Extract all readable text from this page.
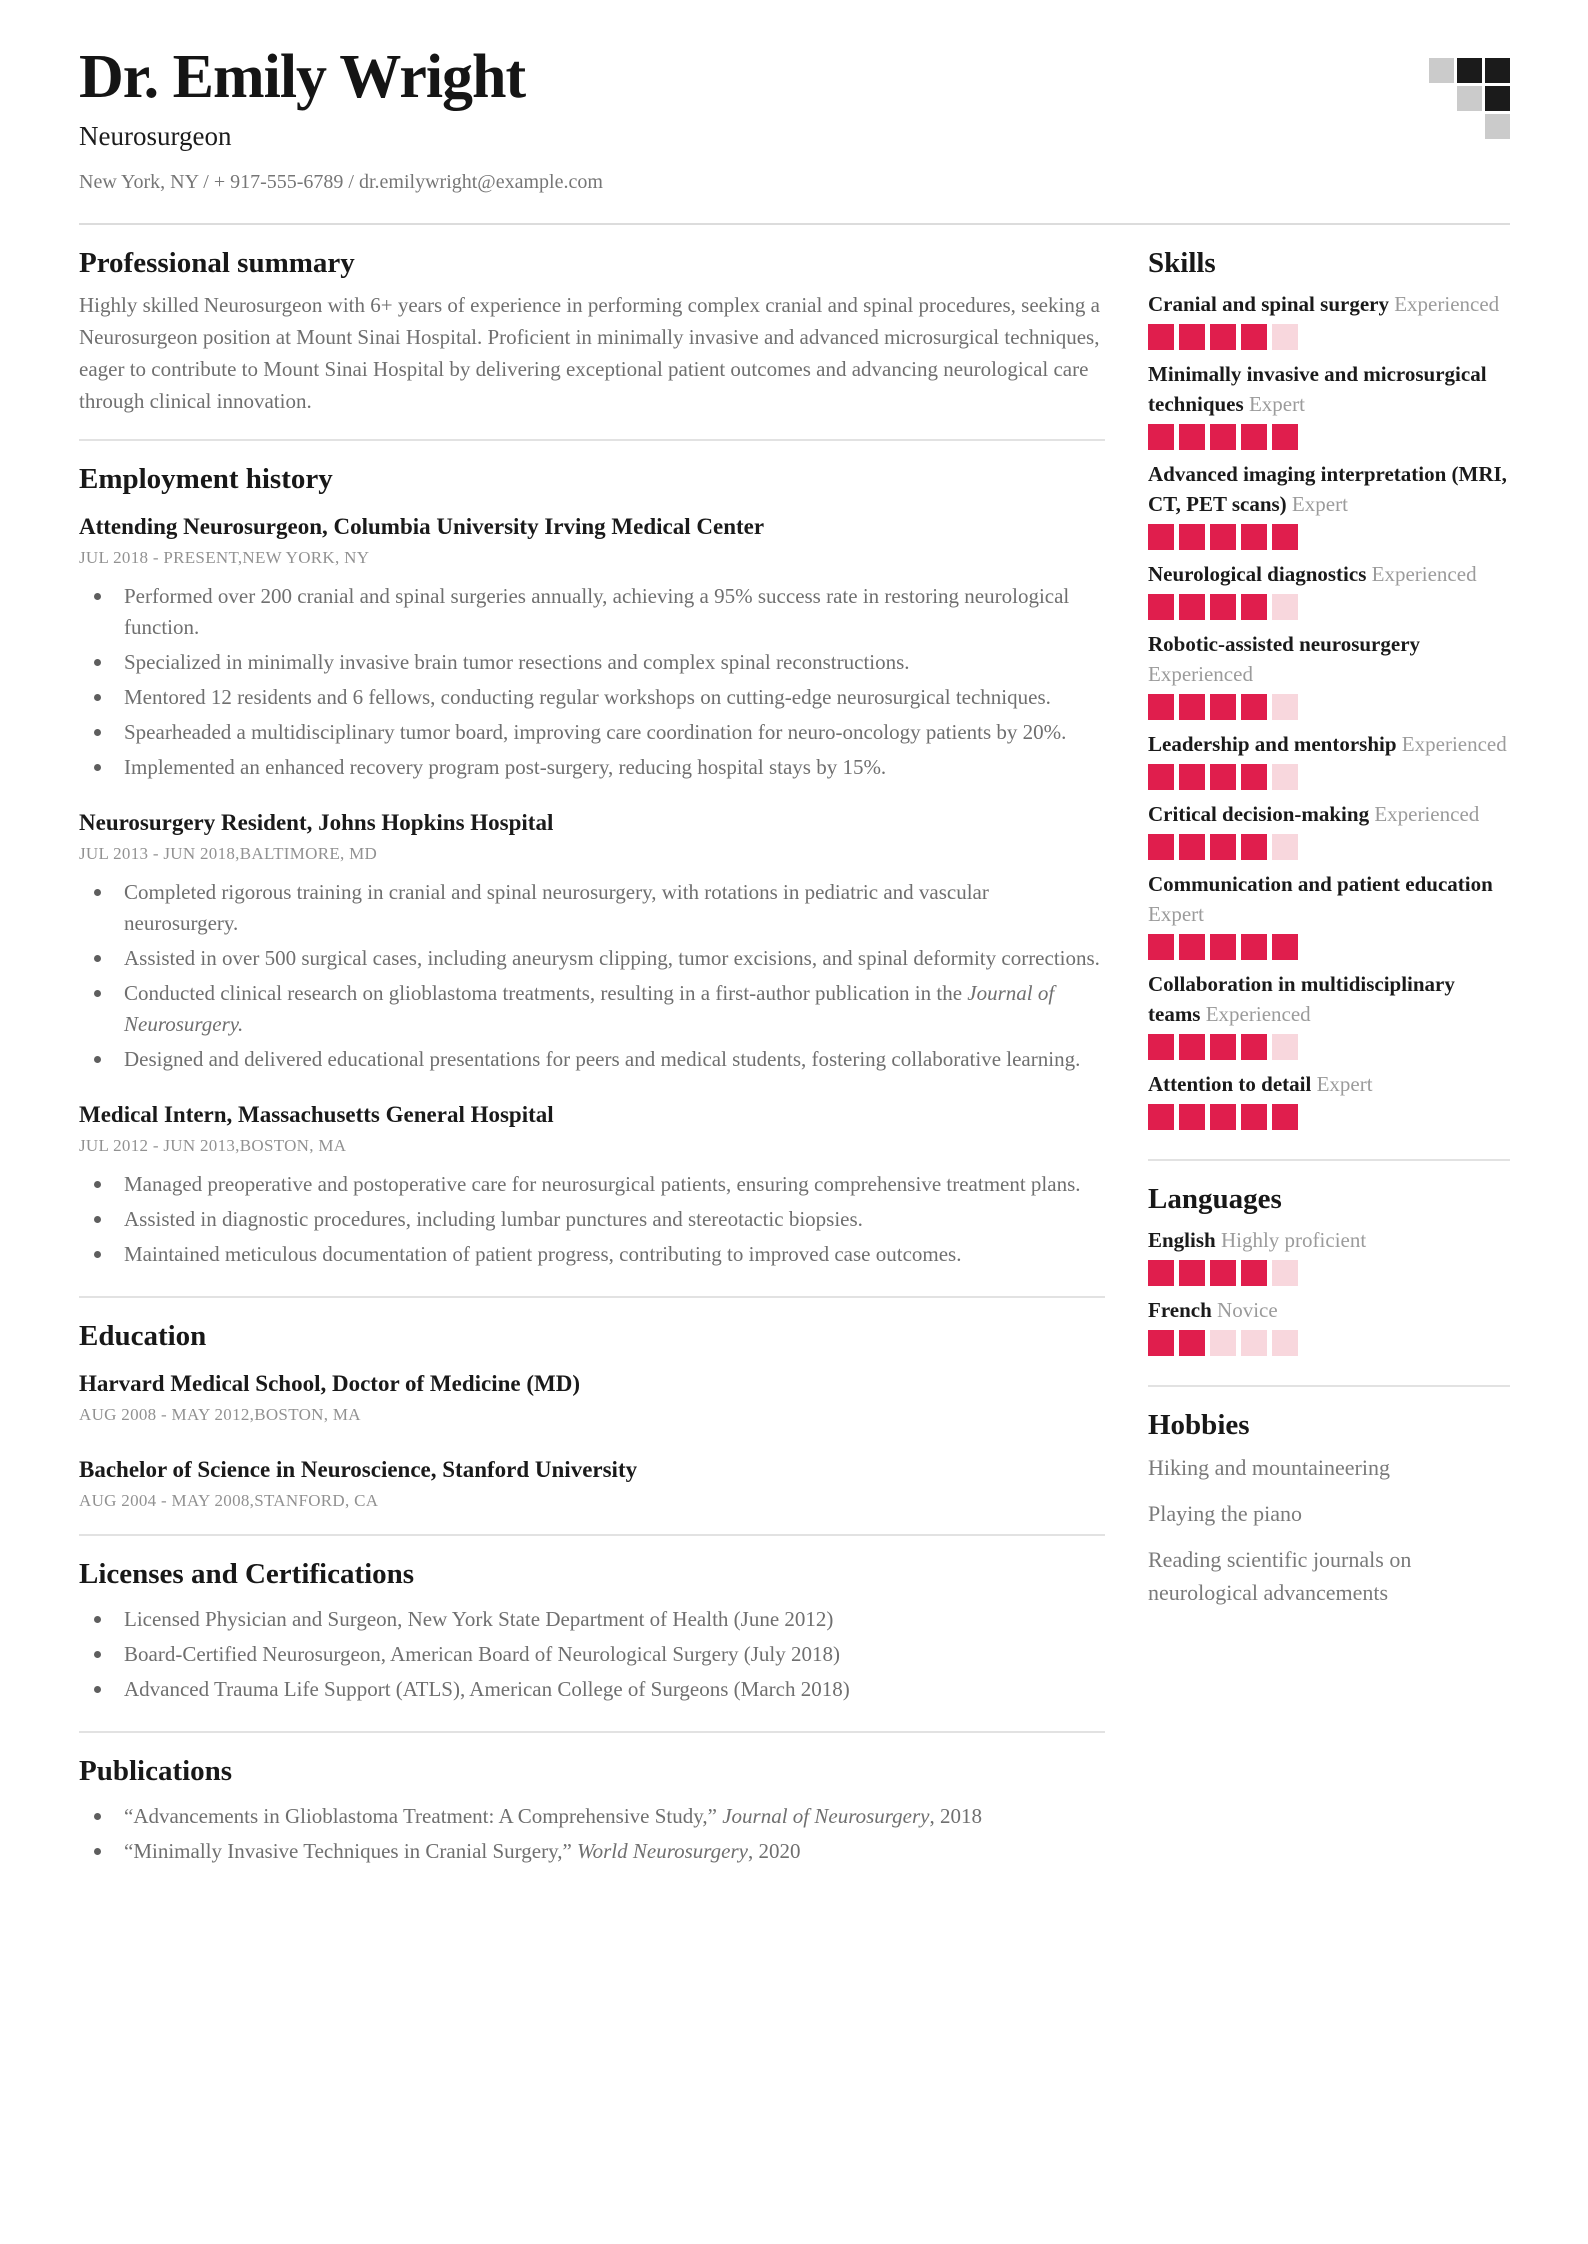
Dr. Emily Wright
Neurosurgeon
New York, NY / + 917-555-6789 / dr.emilywright@example.com
Professional summary

Highly skilled Neurosurgeon with 6+ years of experience in performing complex cranial and spinal procedures, seeking a Neurosurgeon position at Mount Sinai Hospital. Proficient in minimally invasive and advanced microsurgical techniques, eager to contribute to Mount Sinai Hospital by delivering exceptional patient outcomes and advancing neurological care through clinical innovation.

Employment history
Attending Neurosurgeon, Columbia University Irving Medical Center
JUL 2018 - PRESENT,NEW YORK, NY
Performed over 200 cranial and spinal surgeries annually, achieving a 95% success rate in restoring neurological function.
Specialized in minimally invasive brain tumor resections and complex spinal reconstructions.
Mentored 12 residents and 6 fellows, conducting regular workshops on cutting-edge neurosurgical techniques.
Spearheaded a multidisciplinary tumor board, improving care coordination for neuro-oncology patients by 20%.
Implemented an enhanced recovery program post-surgery, reducing hospital stays by 15%.
Neurosurgery Resident, Johns Hopkins Hospital
JUL 2013 - JUN 2018,BALTIMORE, MD
Completed rigorous training in cranial and spinal neurosurgery, with rotations in pediatric and vascular neurosurgery.
Assisted in over 500 surgical cases, including aneurysm clipping, tumor excisions, and spinal deformity corrections.
Conducted clinical research on glioblastoma treatments, resulting in a first-author publication in the Journal of Neurosurgery.
Designed and delivered educational presentations for peers and medical students, fostering collaborative learning.
Medical Intern, Massachusetts General Hospital
JUL 2012 - JUN 2013,BOSTON, MA
Managed preoperative and postoperative care for neurosurgical patients, ensuring comprehensive treatment plans.
Assisted in diagnostic procedures, including lumbar punctures and stereotactic biopsies.
Maintained meticulous documentation of patient progress, contributing to improved case outcomes.
Education
Harvard Medical School, Doctor of Medicine (MD)
AUG 2008 - MAY 2012,BOSTON, MA
Bachelor of Science in Neuroscience, Stanford University
AUG 2004 - MAY 2008,STANFORD, CA
Licenses and Certifications
Licensed Physician and Surgeon, New York State Department of Health (June 2012)
Board-Certified Neurosurgeon, American Board of Neurological Surgery (July 2018)
Advanced Trauma Life Support (ATLS), American College of Surgeons (March 2018)
Publications
“Advancements in Glioblastoma Treatment: A Comprehensive Study,” Journal of Neurosurgery, 2018
“Minimally Invasive Techniques in Cranial Surgery,” World Neurosurgery, 2020
Skills
Cranial and spinal surgery Experienced
Minimally invasive and microsurgical techniques Expert
Advanced imaging interpretation (MRI, CT, PET scans) Expert
Neurological diagnostics Experienced
Robotic-assisted neurosurgery Experienced
Leadership and mentorship Experienced
Critical decision-making Experienced
Communication and patient education Expert
Collaboration in multidisciplinary teams Experienced
Attention to detail Expert
Languages
English Highly proficient
French Novice
Hobbies
Hiking and mountaineering
Playing the piano
Reading scientific journals on neurological advancements
